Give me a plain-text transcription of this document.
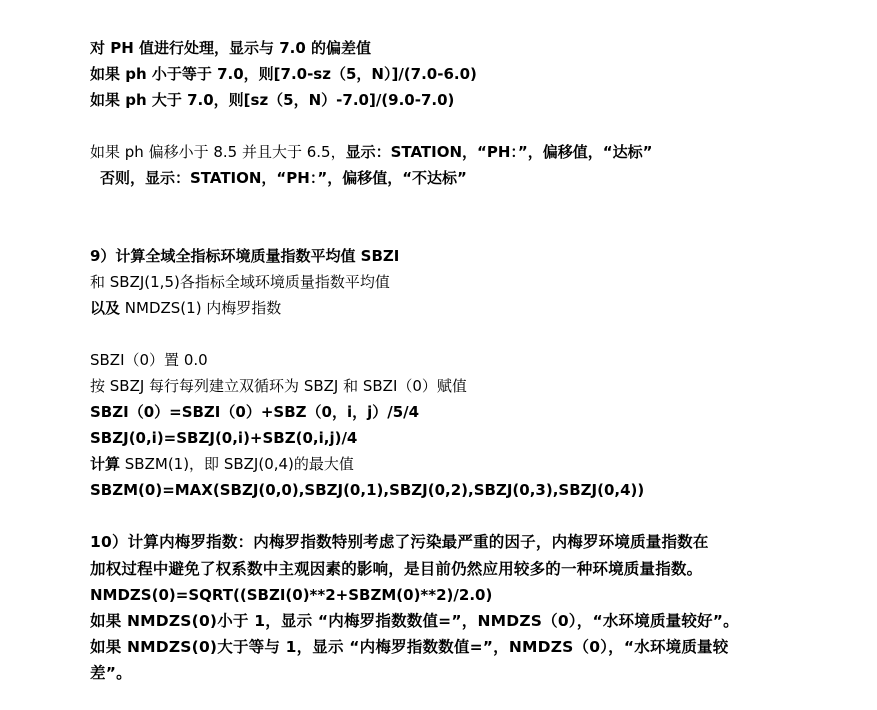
对 PH 值进行处理，显示与 7.0 的偏差值
如果 ph 小于等于 7.0，则[7.0-sz（5，N）]/(7.0-6.0)
如果 ph 大于 7.0，则[sz（5，N）-7.0]/(9.0-7.0)
如果 ph 偏移小于 8.5 并且大于 6.5，显示：STATION，“PH：”，偏移值，“达标”
否则，显示：STATION，“PH：”，偏移值，“不达标”
9）计算全域全指标环境质量指数平均值 SBZI
和 SBZJ(1,5)各指标全域环境质量指数平均值
以及 NMDZS(1) 内梅罗指数
SBZI（0）置 0.0
按 SBZJ 每行每列建立双循环为 SBZJ 和 SBZI（0）赋值
SBZI（0）=SBZI（0）+SBZ（0，i，j）/5/4
SBZJ(0,i)=SBZJ(0,i)+SBZ(0,i,j)/4
计算 SBZM(1)，即 SBZJ(0,4)的最大值
SBZM(0)=MAX(SBZJ(0,0),SBZJ(0,1),SBZJ(0,2),SBZJ(0,3),SBZJ(0,4))
10）计算内梅罗指数：内梅罗指数特别考虑了污染最严重的因子，内梅罗环境质量指数在
加权过程中避免了权系数中主观因素的影响，是目前仍然应用较多的一种环境质量指数。
NMDZS(0)=SQRT((SBZI(0)**2+SBZM(0)**2)/2.0)
如果 NMDZS(0)小于 1，显示 “内梅罗指数数值=”，NMDZS（0），“水环境质量较好”。
如果 NMDZS(0)大于等与 1，显示 “内梅罗指数数值=”，NMDZS（0），“水环境质量较
差”。
